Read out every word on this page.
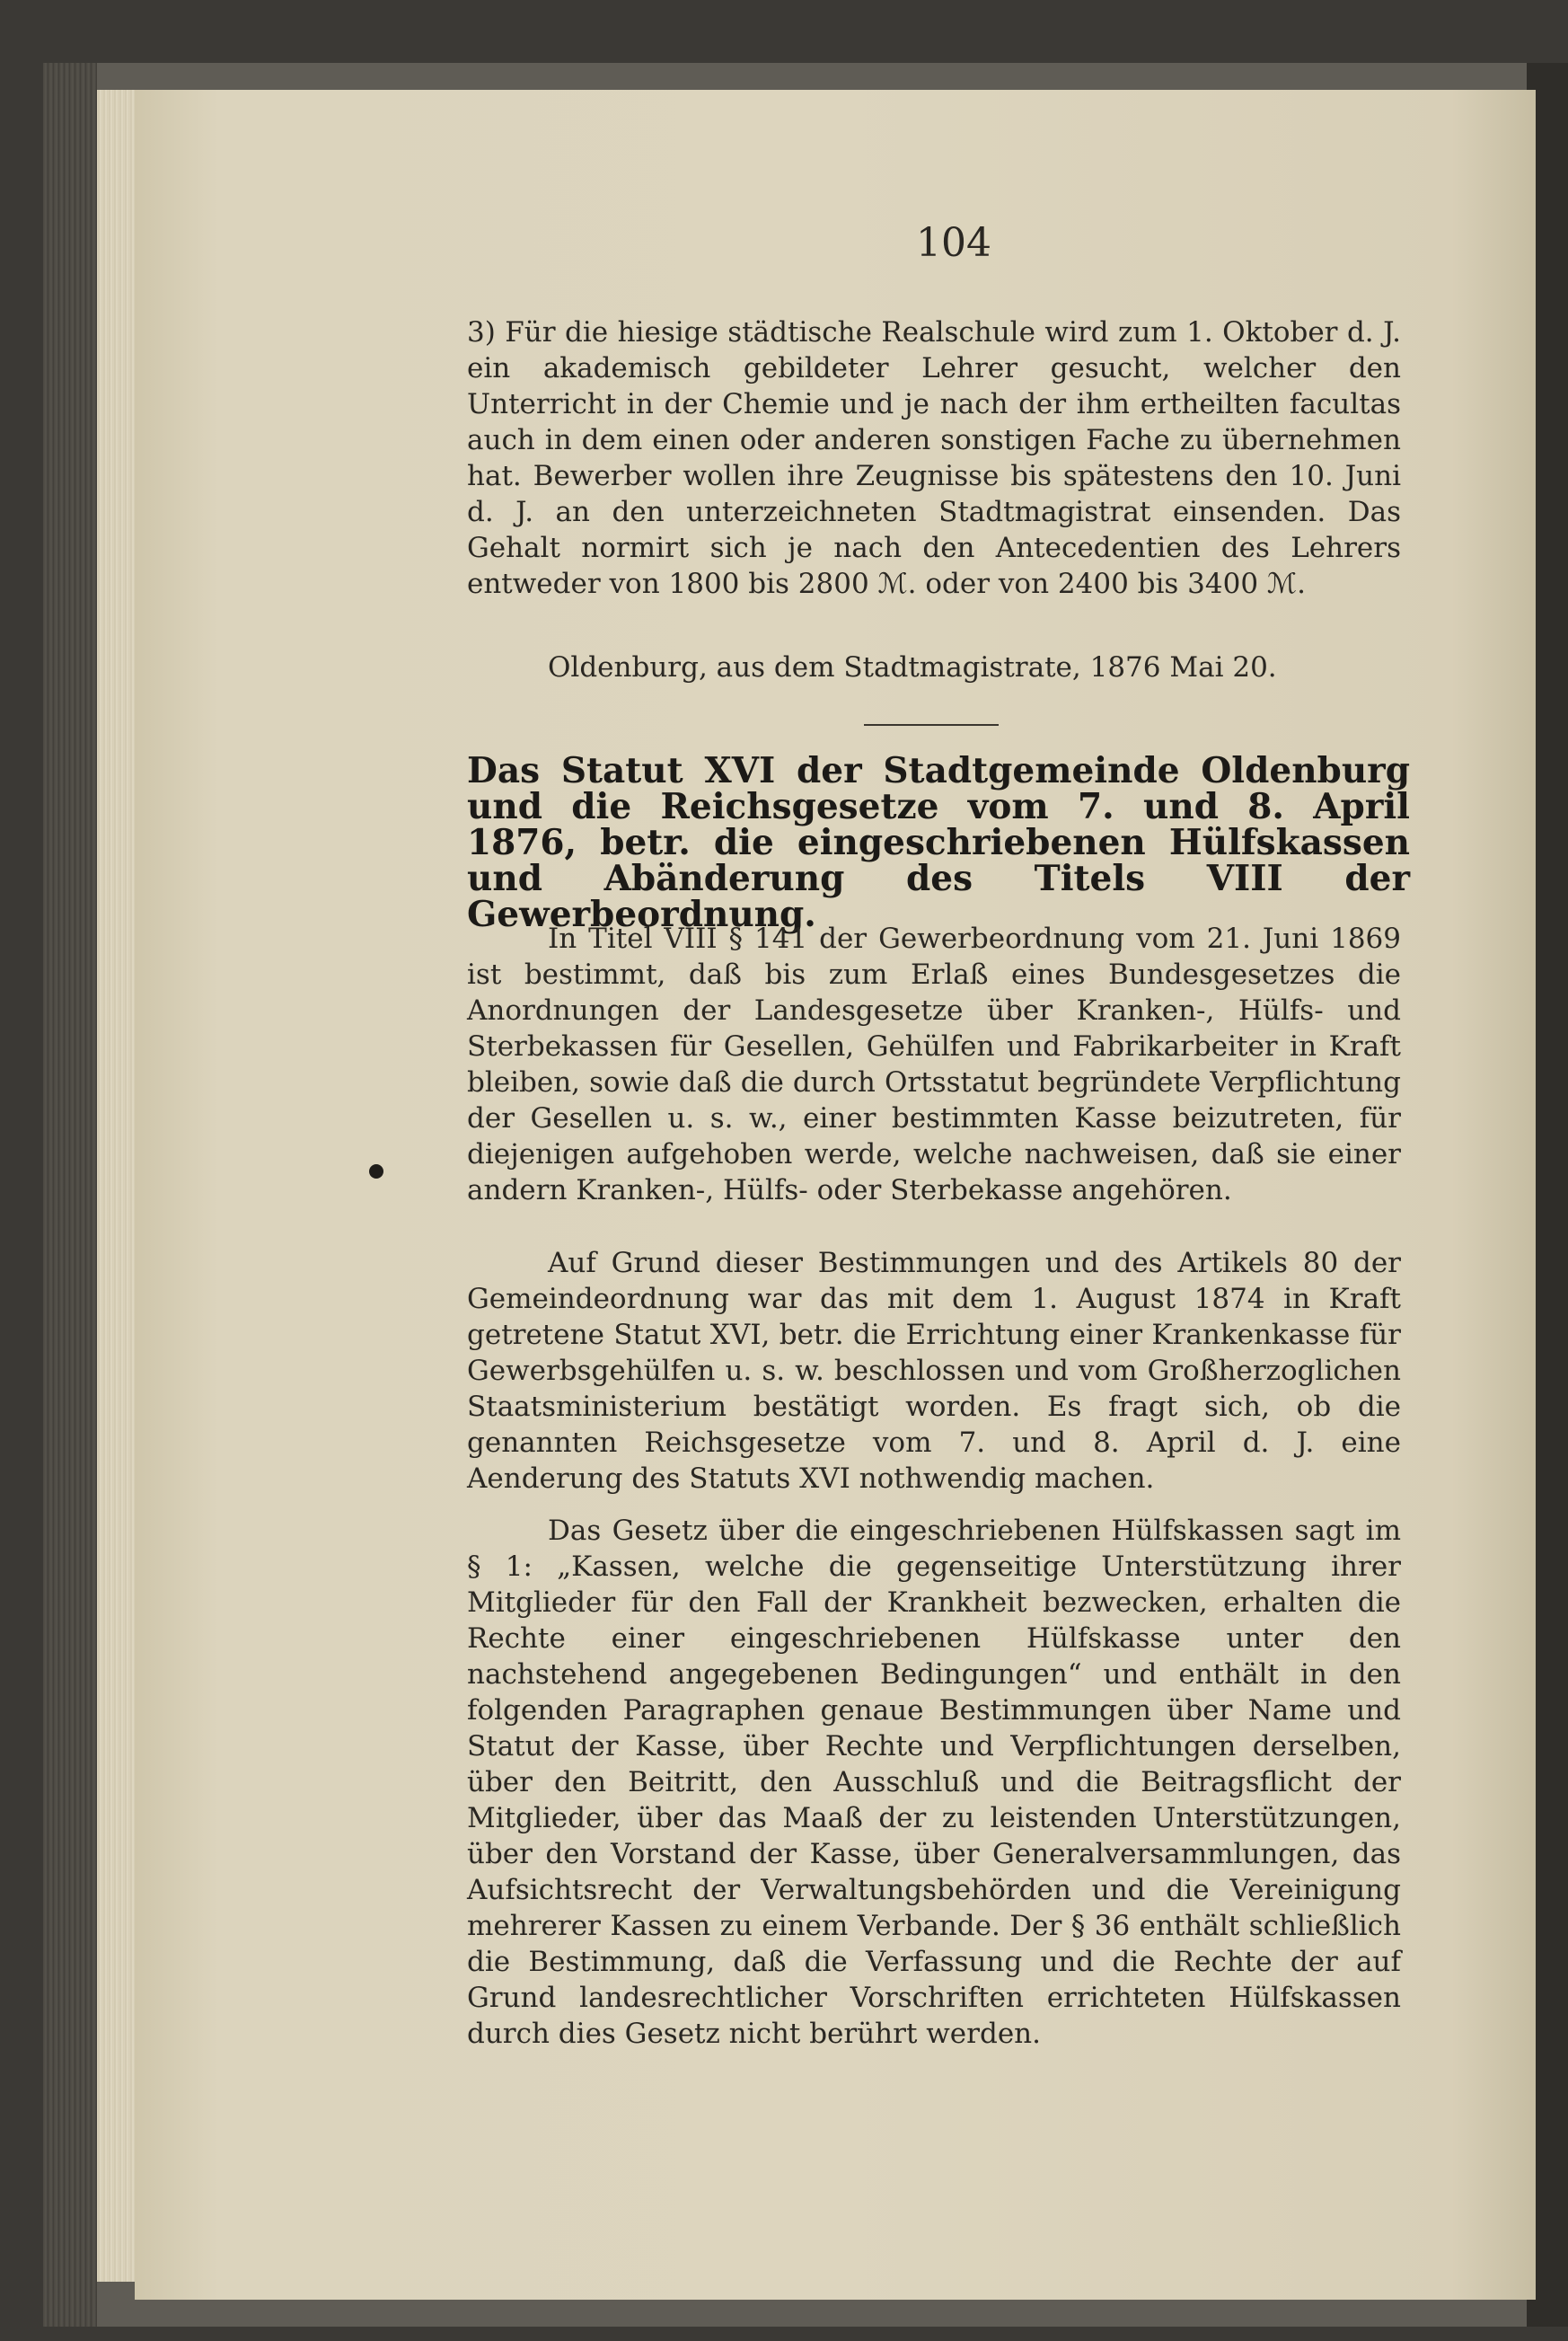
104

3) Für die hiesige städtische Realschule wird zum 1. Oktober d. J. ein akademisch gebildeter Lehrer gesucht, welcher den Unterricht in der Chemie und je nach der ihm ertheilten facultas auch in dem einen oder anderen sonstigen Fache zu übernehmen hat. Bewerber wollen ihre Zeugnisse bis spätestens den 10. Juni d. J. an den unterzeichneten Stadtmagistrat einsenden. Das Gehalt normirt sich je nach den Antecedentien des Lehrers entweder von 1800 bis 2800 ℳ. oder von 2400 bis 3400 ℳ.

Oldenburg, aus dem Stadtmagistrate, 1876 Mai 20.

Das Statut XVI der Stadtgemeinde Oldenburg und die Reichsgesetze vom 7. und 8. April 1876, betr. die eingeschriebenen Hülfskassen und Abänderung des Titels VIII der Gewerbeordnung.

In Titel VIII § 141 der Gewerbeordnung vom 21. Juni 1869 ist bestimmt, daß bis zum Erlaß eines Bundesgesetzes die Anordnungen der Landesgesetze über Kranken-, Hülfs- und Sterbekassen für Gesellen, Gehülfen und Fabrikarbeiter in Kraft bleiben, sowie daß die durch Ortsstatut begründete Verpflichtung der Gesellen u. s. w., einer bestimmten Kasse beizutreten, für diejenigen aufgehoben werde, welche nachweisen, daß sie einer andern Kranken-, Hülfs- oder Sterbekasse angehören.

Auf Grund dieser Bestimmungen und des Artikels 80 der Gemeindeordnung war das mit dem 1. August 1874 in Kraft getretene Statut XVI, betr. die Errichtung einer Krankenkasse für Gewerbsgehülfen u. s. w. beschlossen und vom Großherzoglichen Staatsministerium bestätigt worden. Es fragt sich, ob die genannten Reichsgesetze vom 7. und 8. April d. J. eine Aenderung des Statuts XVI nothwendig machen.

Das Gesetz über die eingeschriebenen Hülfskassen sagt im § 1: „Kassen, welche die gegenseitige Unterstützung ihrer Mitglieder für den Fall der Krankheit bezwecken, erhalten die Rechte einer eingeschriebenen Hülfskasse unter den nachstehend angegebenen Bedingungen“ und enthält in den folgenden Paragraphen genaue Bestimmungen über Name und Statut der Kasse, über Rechte und Verpflichtungen derselben, über den Beitritt, den Ausschluß und die Beitragsflicht der Mitglieder, über das Maaß der zu leistenden Unterstützungen, über den Vorstand der Kasse, über Generalversammlungen, das Aufsichtsrecht der Verwaltungsbehörden und die Vereinigung mehrerer Kassen zu einem Verbande. Der § 36 enthält schließlich die Bestimmung, daß die Verfassung und die Rechte der auf Grund landesrechtlicher Vorschriften errichteten Hülfskassen durch dies Gesetz nicht berührt werden.
